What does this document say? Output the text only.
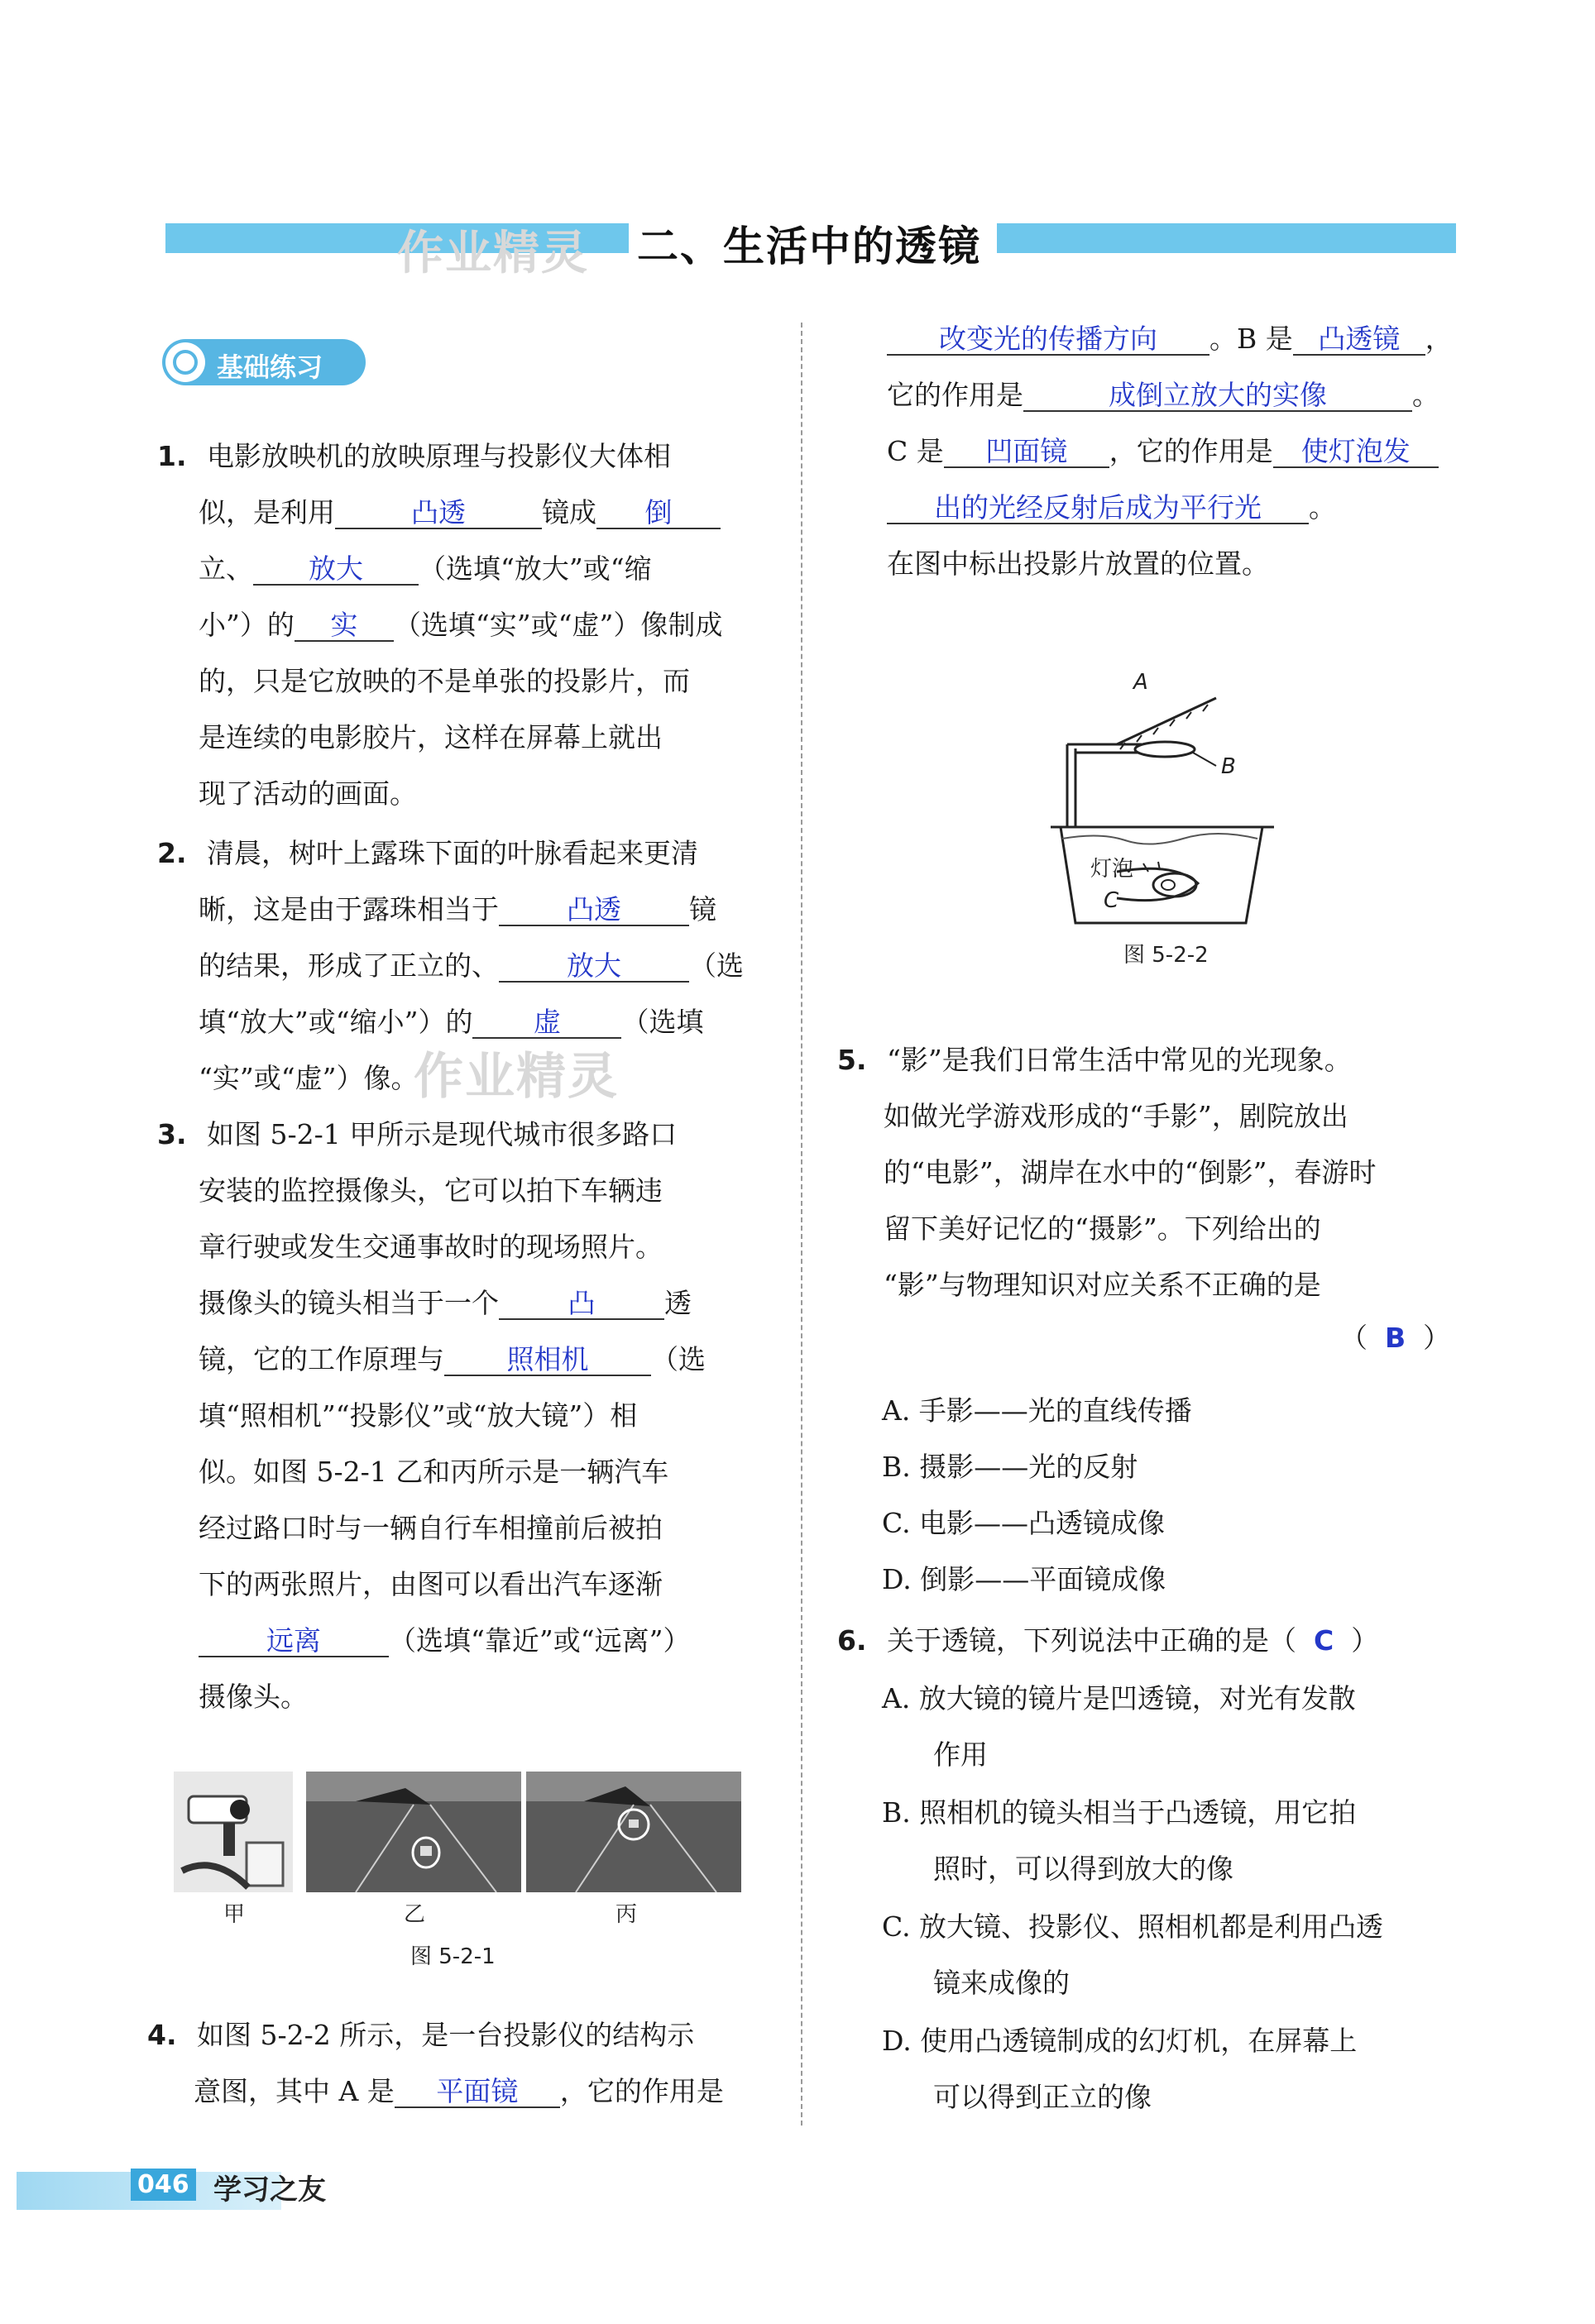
作业精灵 二、生活中的透镜
基础练习
1. 电影放映机的放映原理与投影仪大体相
似，是利用	凸透	镜成 倒
立、 放大 （选填“放大”或“缩
小”）的 实 （选填“实”或“虚”）像制成
的，只是它放映的不是单张的投影片，而
是连续的电影胶片，这样在屏幕上就出
现了活动的画面。
2. 清晨，树叶上露珠下面的叶脉看起来更清
晰，这是由于露珠相当于 凸透 镜
的结果，形成了正立的、 放大 （选
填“放大”或“缩小”）的 虚 （选填
“实”或“虚”）像。
作业精灵
3. 如图 5-2-1 甲所示是现代城市很多路口
安装的监控摄像头，它可以拍下车辆违
章行驶或发生交通事故时的现场照片。
摄像头的镜头相当于一个	凸	透
镜，它的工作原理与 照相机 （选
填“照相机”“投影仪”或“放大镜”）相
似。如图 5-2-1 乙和丙所示是一辆汽车
经过路口时与一辆自行车相撞前后被拍
下的两张照片，由图可以看出汽车逐渐
远离 （选填“靠近”或“远离”）
摄像头。
甲	乙	丙
图 5-2-1
4. 如图 5-2-2 所示，是一台投影仪的结构示
意图，其中 A 是 平面镜 ，它的作用是
改变光的传播方向 。B 是 凸透镜 ，
它的作用是	成倒立放大的实像	。
C 是 凹面镜 ，它的作用是 使灯泡发
出的光经反射后成为平行光 。
在图中标出投影片放置的位置。
A
B
灯泡
C
图 5-2-2
5. “影”是我们日常生活中常见的光现象。
如做光学游戏形成的“手影”，剧院放出
的“电影”，湖岸在水中的“倒影”，春游时
留下美好记忆的“摄影”。下列给出的
“影”与物理知识对应关系不正确的是
（  B  ）
A. 手影——光的直线传播
B. 摄影——光的反射
C. 电影——凸透镜成像
D. 倒影——平面镜成像
6. 关于透镜，下列说法中正确的是（ C ）
A. 放大镜的镜片是凹透镜，对光有发散
作用
B. 照相机的镜头相当于凸透镜，用它拍
照时，可以得到放大的像
C. 放大镜、投影仪、照相机都是利用凸透
镜来成像的
D. 使用凸透镜制成的幻灯机，在屏幕上
可以得到正立的像
046 学习之友
